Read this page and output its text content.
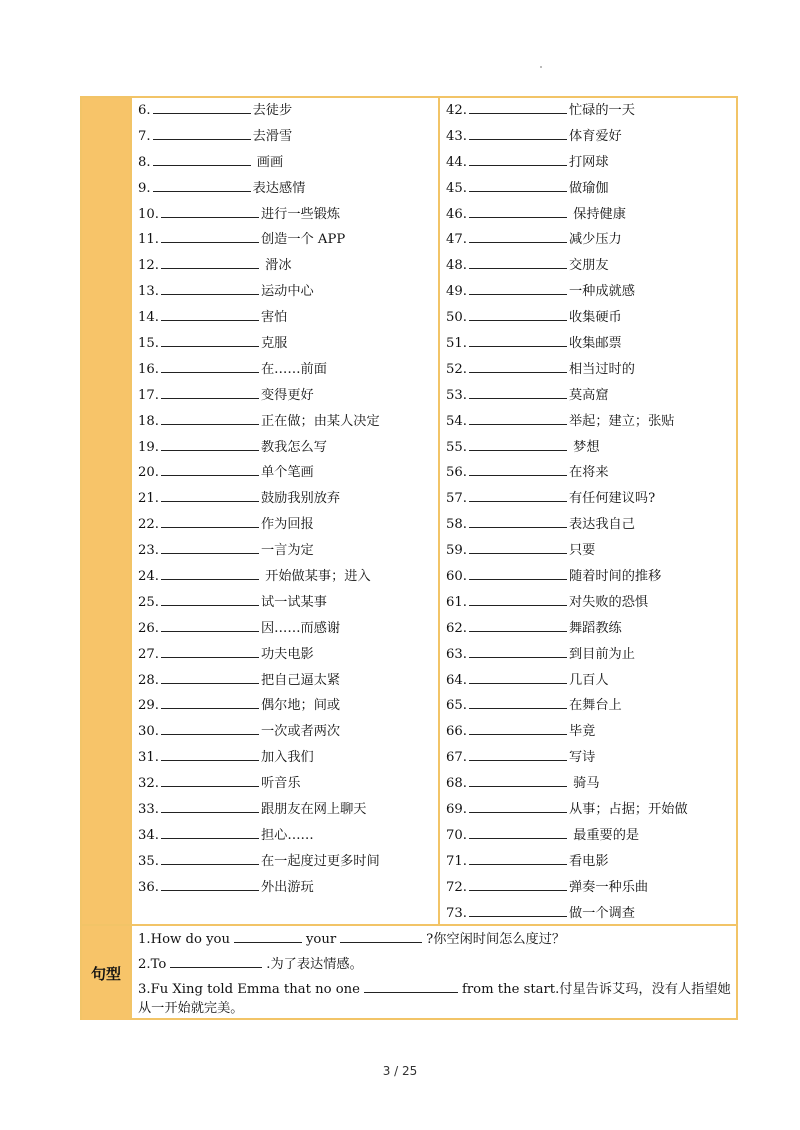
句型
6.	去徒步
7.	去滑雪
8.	画画
9.	表达感情
10.	进行一些锻炼
11.	创造一个 APP
12.	滑冰
13.	运动中心
14.	害怕
15.	克服
16.	在……前面
17.	变得更好
18.	正在做；由某人决定
19.	教我怎么写
20.	单个笔画
21.	鼓励我别放弃
22.	作为回报
23.	一言为定
24.	开始做某事；进入
25.	试一试某事
26.	因……而感谢
27.	功夫电影
28.	把自己逼太紧
29.	偶尔地；间或
30.	一次或者两次
31.	加入我们
32.	听音乐
33.	跟朋友在网上聊天
34.	担心……
35.	在一起度过更多时间
36.	外出游玩
42.	忙碌的一天
43.	体育爱好
44.	打网球
45.	做瑜伽
46.	保持健康
47.	减少压力
48.	交朋友
49.	一种成就感
50.	收集硬币
51.	收集邮票
52.	相当过时的
53.	莫高窟
54.	举起；建立；张贴
55.	梦想
56.	在将来
57.	有任何建议吗?
58.	表达我自己
59.	只要
60.	随着时间的推移
61.	对失败的恐惧
62.	舞蹈教练
63.	到目前为止
64.	几百人
65.	在舞台上
66.	毕竟
67.	写诗
68.	骑马
69.	从事；占据；开始做
70.	最重要的是
71.	看电影
72.	弹奏一种乐曲
73.	做一个调查
1.How do you	your	?你空闲时间怎么度过？
2.To	.为了表达情感。
3.Fu Xing told Emma that no one	from the start.付星告诉艾玛，没有人指望她从一开始就完美。
3 / 25
